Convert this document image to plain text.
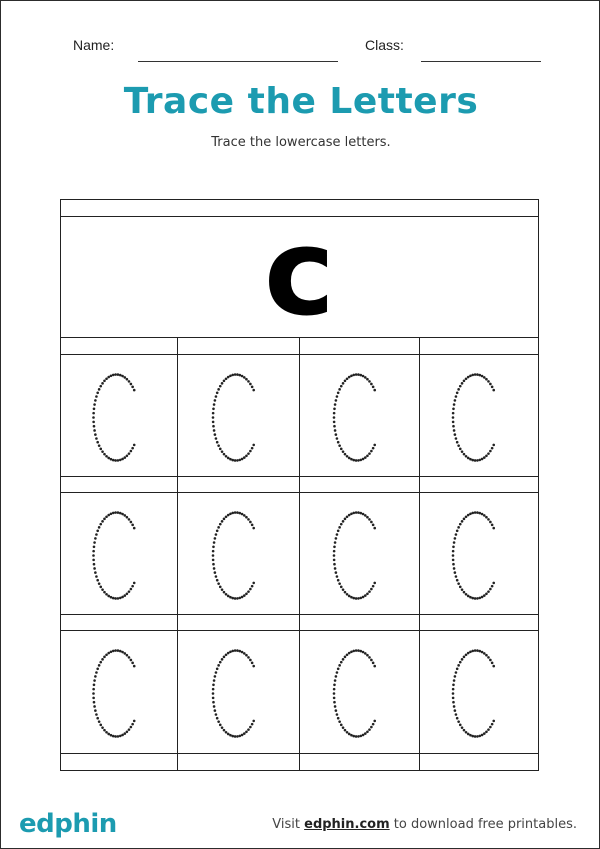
Name:	Class:
Trace the Letters
Trace the lowercase letters.
c
edphin	Visit edphin.com to download free printables.
